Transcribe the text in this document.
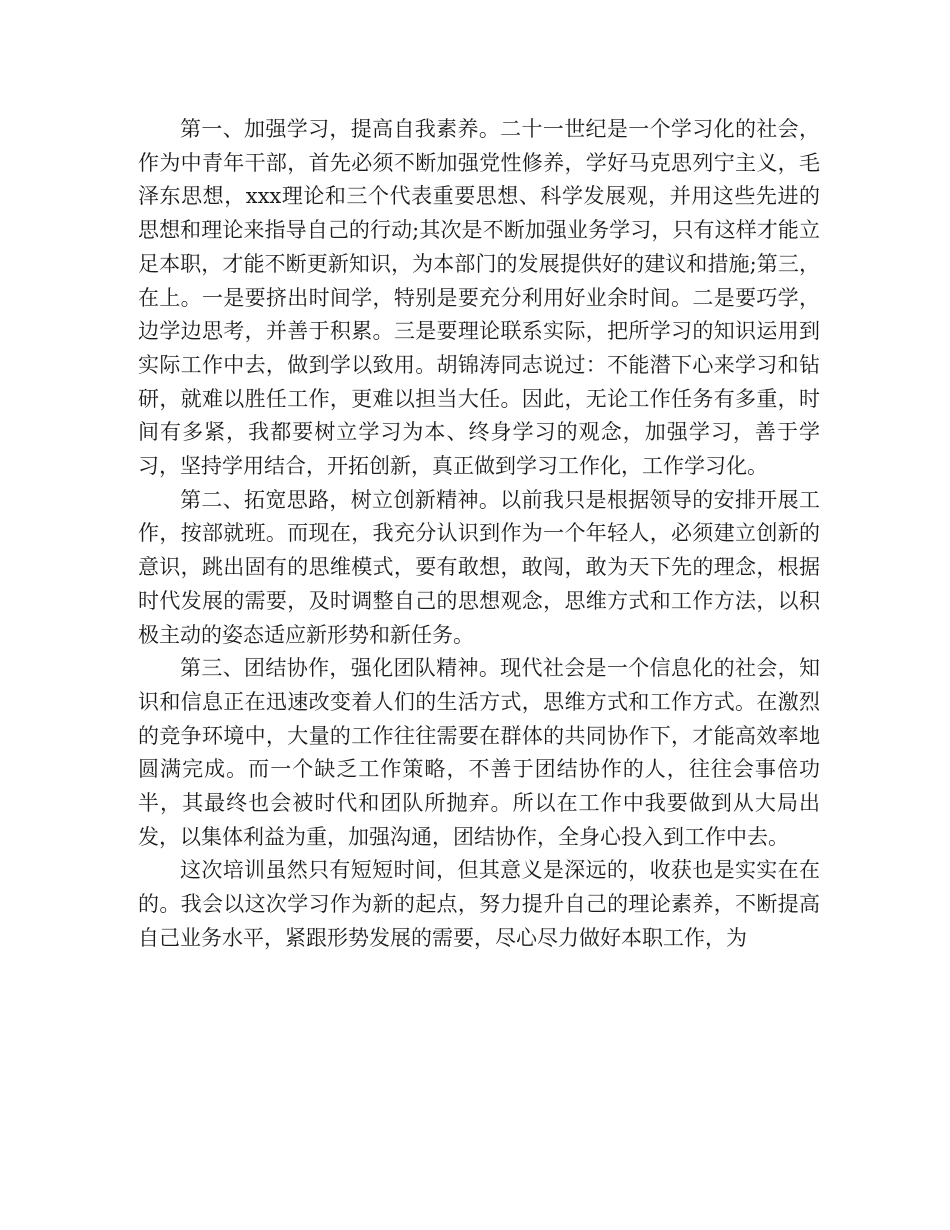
第一、加强学习，提高自我素养。二十一世纪是一个学习化的社会，作为中青年干部，首先必须不断加强党性修养，学好马克思列宁主义，毛泽东思想，xxx理论和三个代表重要思想、科学发展观，并用这些先进的思想和理论来指导自己的行动;其次是不断加强业务学习，只有这样才能立足本职，才能不断更新知识，为本部门的发展提供好的建议和措施;第三，在上。一是要挤出时间学，特别是要充分利用好业余时间。二是要巧学，边学边思考，并善于积累。三是要理论联系实际，把所学习的知识运用到实际工作中去，做到学以致用。胡锦涛同志说过：不能潜下心来学习和钻研，就难以胜任工作，更难以担当大任。因此，无论工作任务有多重，时间有多紧，我都要树立学习为本、终身学习的观念，加强学习，善于学习，坚持学用结合，开拓创新，真正做到学习工作化，工作学习化。

第二、拓宽思路，树立创新精神。以前我只是根据领导的安排开展工作，按部就班。而现在，我充分认识到作为一个年轻人，必须建立创新的意识，跳出固有的思维模式，要有敢想，敢闯，敢为天下先的理念，根据时代发展的需要，及时调整自己的思想观念，思维方式和工作方法，以积极主动的姿态适应新形势和新任务。

第三、团结协作，强化团队精神。现代社会是一个信息化的社会，知识和信息正在迅速改变着人们的生活方式，思维方式和工作方式。在激烈的竞争环境中，大量的工作往往需要在群体的共同协作下，才能高效率地圆满完成。而一个缺乏工作策略，不善于团结协作的人，往往会事倍功半，其最终也会被时代和团队所抛弃。所以在工作中我要做到从大局出发，以集体利益为重，加强沟通，团结协作，全身心投入到工作中去。

这次培训虽然只有短短时间，但其意义是深远的，收获也是实实在在的。我会以这次学习作为新的起点，努力提升自己的理论素养，不断提高自己业务水平，紧跟形势发展的需要，尽心尽力做好本职工作，为
